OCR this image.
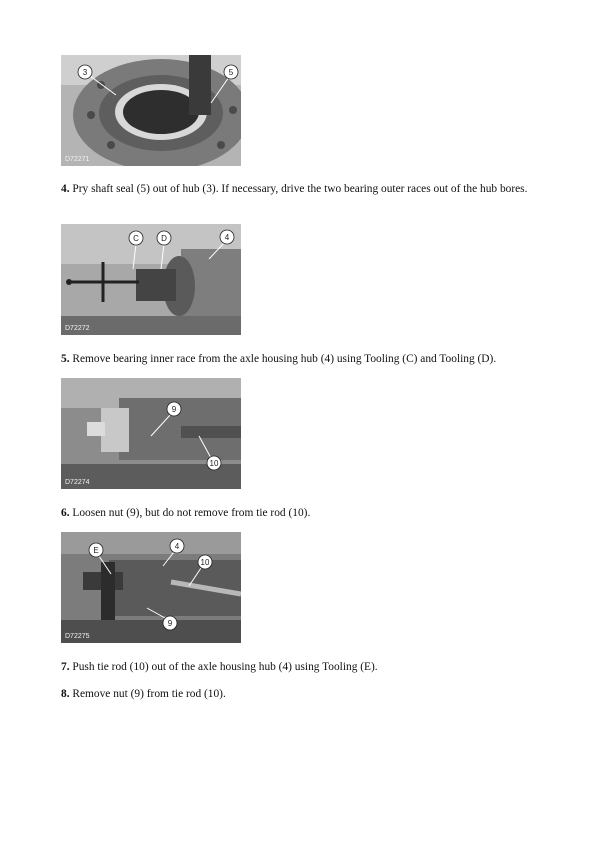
3	5
D72271

4. Pry shaft seal (5) out of hub (3). If necessary, drive the two bearing outer races out of the hub bores.

C	D	4
D72272

5. Remove bearing inner race from the axle housing hub (4) using Tooling (C) and Tooling (D).

9
10
D72274

6. Loosen nut (9), but do not remove from tie rod (10).

E	4
10
9
D72275

7. Push tie rod (10) out of the axle housing hub (4) using Tooling (E).

8. Remove nut (9) from tie rod (10).
